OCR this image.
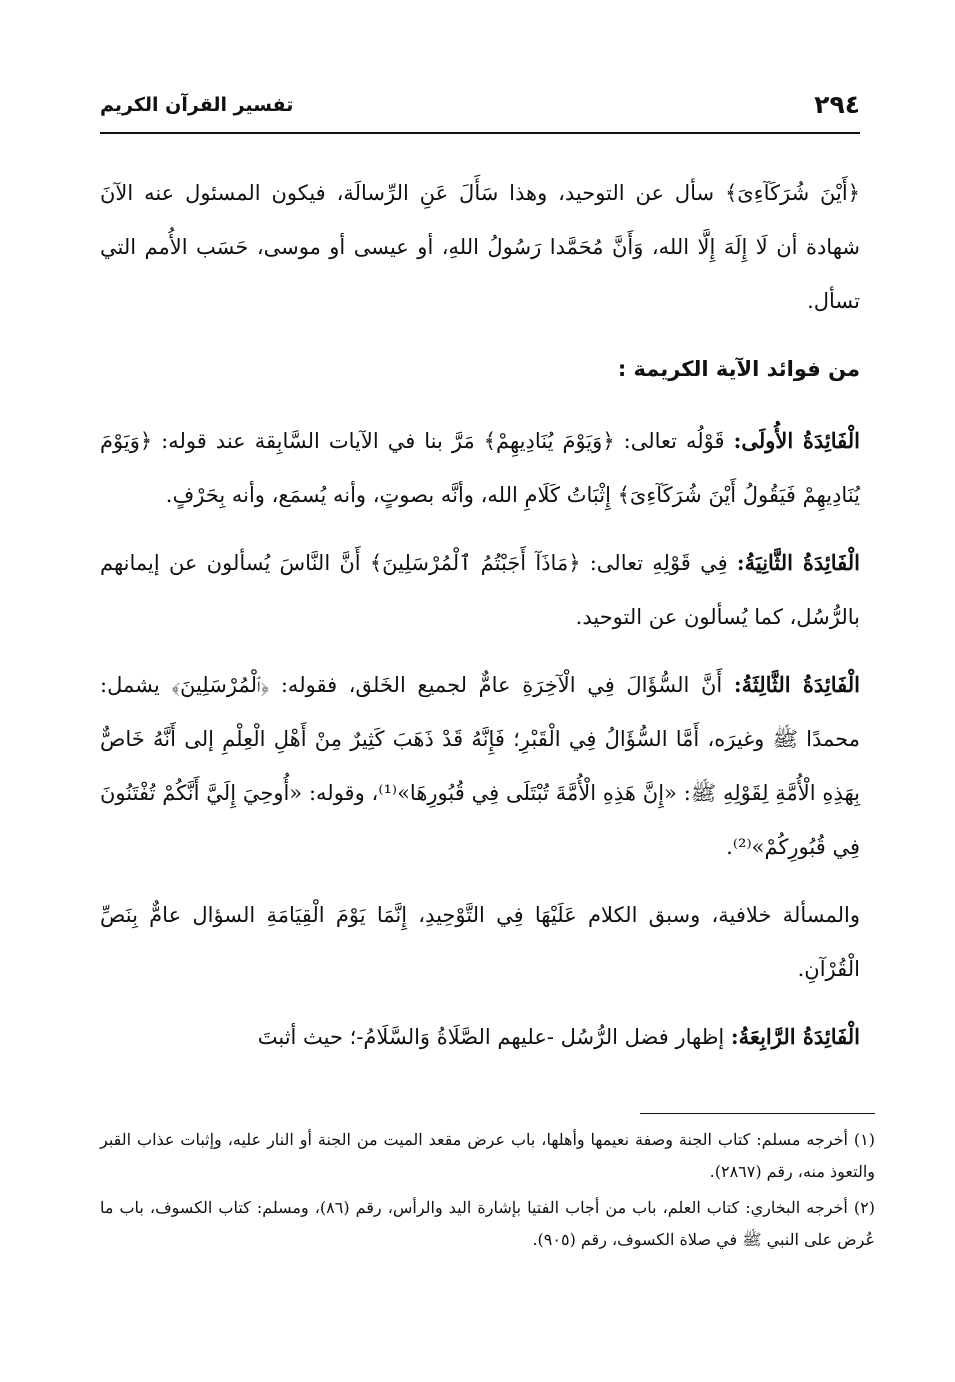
٢٩٤
تفسير القرآن الكريم

﴿أَيْنَ شُرَكَآءِىَ﴾ سأل عن التوحيد، وهذا سَأَلَ عَنِ الرِّسالَة، فيكون المسئول عنه الآنَ شهادة أن لَا إِلَهَ إِلَّا الله، وَأَنَّ مُحَمَّدا رَسُولُ اللهِ، أو عيسى أو موسى، حَسَب الأُمم التي تسأل.

من فوائد الآية الكريمة :

الْفَائِدَةُ الأُولَى: قَوْلُه تعالى: ﴿وَيَوْمَ يُنَادِيهِمْ﴾ مَرَّ بنا في الآيات السَّابِقة عند قوله: ﴿وَيَوْمَ يُنَادِيهِمْ فَيَقُولُ أَيْنَ شُرَكَآءِىَ﴾ إِثْبَاتُ كَلَامِ الله، وأنَّه بصوتٍ، وأنه يُسمَع، وأنه بِحَرْفٍ.

الْفَائِدَةُ الثَّانِيَةُ: فِي قَوْلِهِ تعالى: ﴿مَاذَآ أَجَبْتُمُ ٱلْمُرْسَلِينَ﴾ أَنَّ النَّاسَ يُسألون عن إيمانهم بالرُّسُل، كما يُسألون عن التوحيد.

الْفَائِدَةُ الثَّالِثَةُ: أَنَّ السُّؤَالَ فِي الْآخِرَةِ عامٌّ لجميع الخَلق، فقوله: ﴿ٱلْمُرْسَلِينَ﴾ يشمل: محمدًا ﷺ وغيرَه، أَمَّا السُّؤَالُ فِي الْقَبْرِ؛ فَإِنَّهُ قَدْ ذَهَبَ كَثِيرٌ مِنْ أَهْلِ الْعِلْمِ إلى أَنَّهُ خَاصٌّ بِهَذِهِ الْأُمَّةِ لِقَوْلِهِ ﷺ: «إِنَّ هَذِهِ الْأُمَّةَ تُبْتَلَى فِي قُبُورِهَا»⁽¹⁾، وقوله: «أُوحِيَ إِلَيَّ أَنَّكُمْ تُفْتَنُونَ فِي قُبُورِكُمْ»⁽²⁾.

والمسألة خلافية، وسبق الكلام عَلَيْهَا فِي التَّوْحِيدِ، إِنَّمَا يَوْمَ الْقِيَامَةِ السؤال عامٌّ بِنَصِّ الْقُرْآنِ.

الْفَائِدَةُ الرَّابِعَةُ: إظهار فضل الرُّسُل -عليهم الصَّلَاةُ وَالسَّلَامُ-؛ حيث أثبتَ

(١) أخرجه مسلم: كتاب الجنة وصفة نعيمها وأهلها، باب عرض مقعد الميت من الجنة أو النار عليه، وإثبات عذاب القبر والتعوذ منه، رقم (٢٨٦٧).

(٢) أخرجه البخاري: كتاب العلم، باب من أجاب الفتيا بإشارة اليد والرأس، رقم (٨٦)، ومسلم: كتاب الكسوف، باب ما عُرض على النبي ﷺ في صلاة الكسوف، رقم (٩٠٥).
